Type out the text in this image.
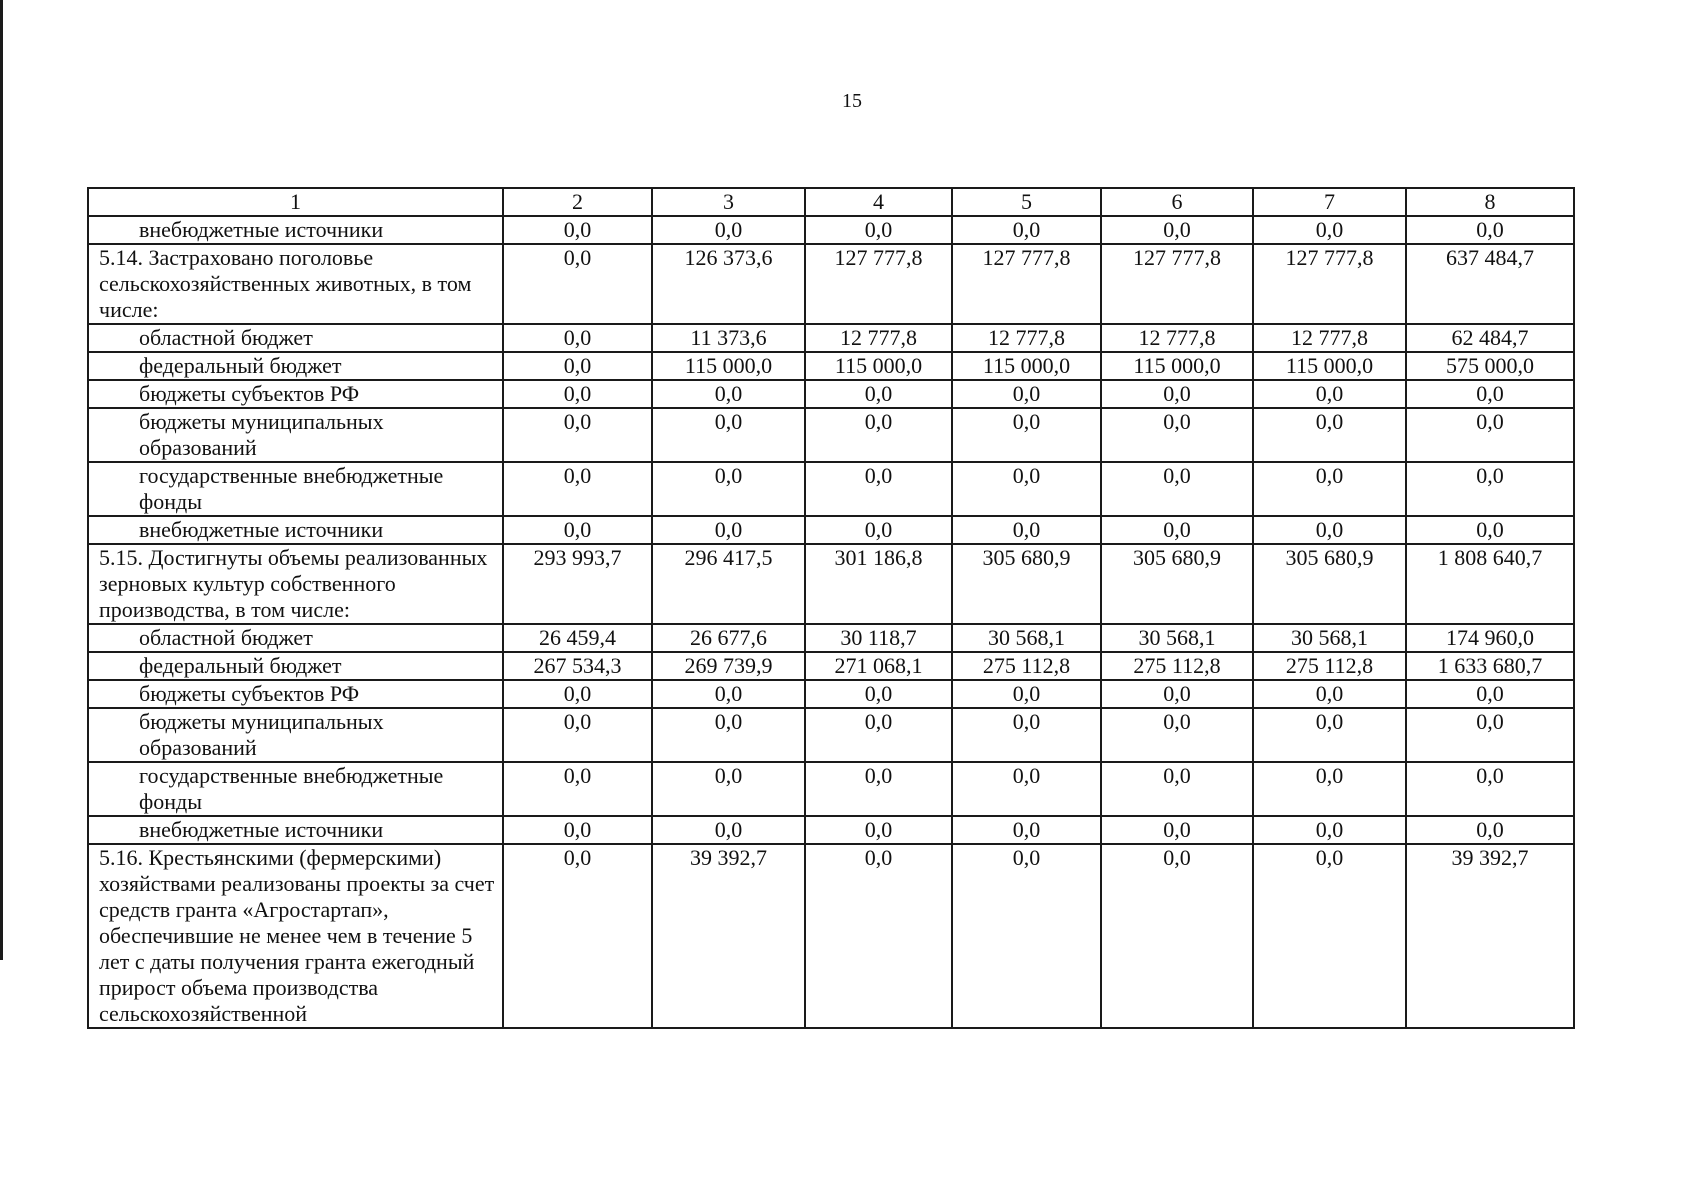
15
1	2	3	4	5	6	7	8
внебюджетные источники	0,0	0,0	0,0	0,0	0,0	0,0	0,0
5.14. Застраховано поголовье сельскохозяйственных животных, в том числе:	0,0	126 373,6	127 777,8	127 777,8	127 777,8	127 777,8	637 484,7
областной бюджет	0,0	11 373,6	12 777,8	12 777,8	12 777,8	12 777,8	62 484,7
федеральный бюджет	0,0	115 000,0	115 000,0	115 000,0	115 000,0	115 000,0	575 000,0
бюджеты субъектов РФ	0,0	0,0	0,0	0,0	0,0	0,0	0,0
бюджеты муниципальных образований	0,0	0,0	0,0	0,0	0,0	0,0	0,0
государственные внебюджетные фонды	0,0	0,0	0,0	0,0	0,0	0,0	0,0
внебюджетные источники	0,0	0,0	0,0	0,0	0,0	0,0	0,0
5.15. Достигнуты объемы реализованных зерновых культур собственного производства, в том числе:	293 993,7	296 417,5	301 186,8	305 680,9	305 680,9	305 680,9	1 808 640,7
областной бюджет	26 459,4	26 677,6	30 118,7	30 568,1	30 568,1	30 568,1	174 960,0
федеральный бюджет	267 534,3	269 739,9	271 068,1	275 112,8	275 112,8	275 112,8	1 633 680,7
бюджеты субъектов РФ	0,0	0,0	0,0	0,0	0,0	0,0	0,0
бюджеты муниципальных образований	0,0	0,0	0,0	0,0	0,0	0,0	0,0
государственные внебюджетные фонды	0,0	0,0	0,0	0,0	0,0	0,0	0,0
внебюджетные источники	0,0	0,0	0,0	0,0	0,0	0,0	0,0
5.16. Крестьянскими (фермерскими) хозяйствами реализованы проекты за счет средств гранта «Агростартап», обеспечившие не менее чем в течение 5 лет с даты получения гранта ежегодный прирост объема производства сельскохозяйственной	0,0	39 392,7	0,0	0,0	0,0	0,0	39 392,7
